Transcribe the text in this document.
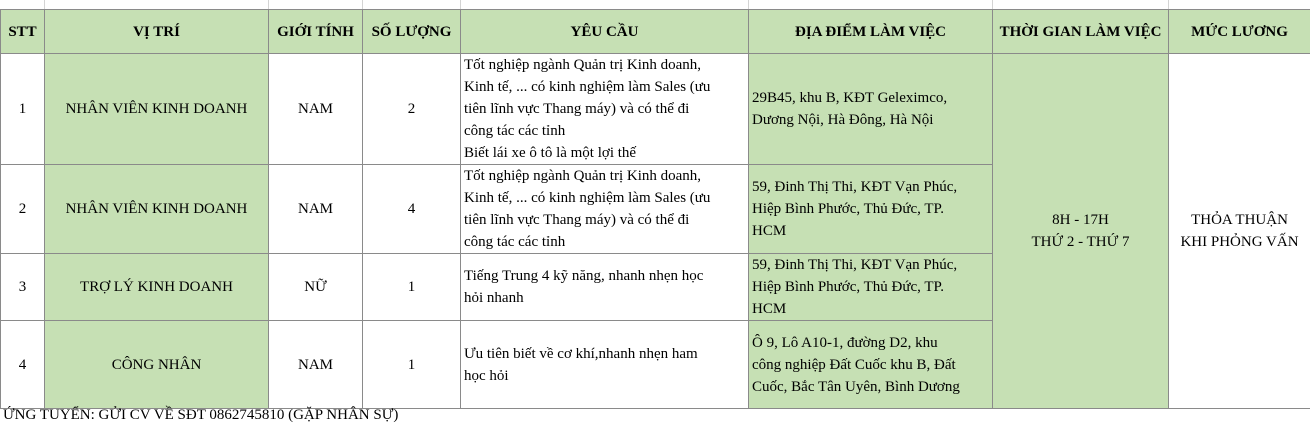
STT	VỊ TRÍ	GIỚI TÍNH	SỐ LƯỢNG	YÊU CẦU	ĐỊA ĐIỂM LÀM VIỆC	THỜI GIAN LÀM VIỆC	MỨC LƯƠNG
1	NHÂN VIÊN KINH DOANH	NAM	2	Tốt nghiệp ngành Quản trị Kinh doanh,
Kinh tế, ... có kinh nghiệm làm Sales (ưu
tiên lĩnh vực Thang máy) và có thể đi
công tác các tỉnh
Biết lái xe ô tô là một lợi thế	29B45, khu B, KĐT Geleximco,
Dương Nội, Hà Đông, Hà Nội	8H - 17H
THỨ 2 - THỨ 7	THỎA THUẬN
KHI PHỎNG VẤN

2	NHÂN VIÊN KINH DOANH	NAM	4	Tốt nghiệp ngành Quản trị Kinh doanh,
Kinh tế, ... có kinh nghiệm làm Sales (ưu
tiên lĩnh vực Thang máy) và có thể đi
công tác các tỉnh	59, Đinh Thị Thi, KĐT Vạn Phúc,
Hiệp Bình Phước, Thủ Đức, TP.
HCM		

3	TRỢ LÝ KINH DOANH	NỮ	1	Tiếng Trung 4 kỹ năng, nhanh nhẹn học
hỏi nhanh	59, Đinh Thị Thi, KĐT Vạn Phúc,
Hiệp Bình Phước, Thủ Đức, TP.
HCM		

4	CÔNG NHÂN	NAM	1	Ưu tiên biết về cơ khí,nhanh nhẹn ham
học hỏi	Ô 9, Lô A10-1, đường D2, khu
công nghiệp Đất Cuốc khu B, Đất
Cuốc, Bắc Tân Uyên, Bình Dương		
ỨNG TUYỂN: GỬI CV VỀ SĐT 0862745810 (GẶP NHÂN SỰ)
